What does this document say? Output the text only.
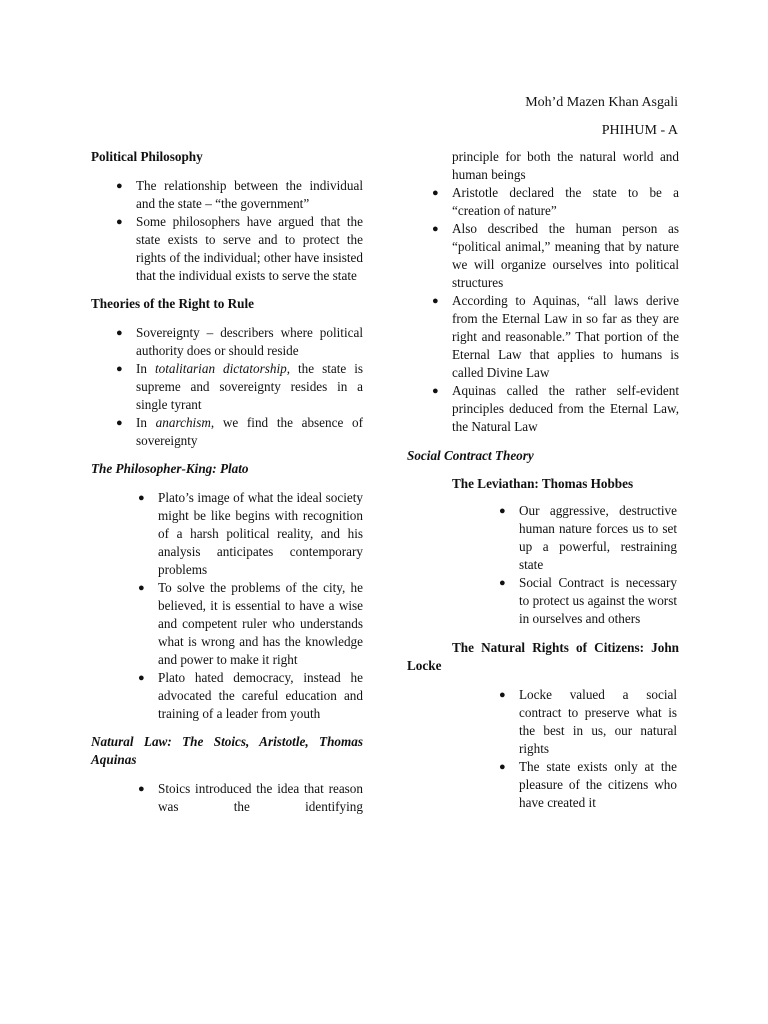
Moh’d Mazen Khan Asgali
PHIHUM - A
Political Philosophy
● The relationship between the individual and the state – “the government”
● Some philosophers have argued that the state exists to serve and to protect the rights of the individual; other have insisted that the individual exists to serve the state
Theories of the Right to Rule
● Sovereignty – describers where political authority does or should reside
● In totalitarian dictatorship, the state is supreme and sovereignty resides in a single tyrant
● In anarchism, we find the absence of sovereignty
The Philosopher-King: Plato
● Plato’s image of what the ideal society might be like begins with recognition of a harsh political reality, and his analysis anticipates contemporary problems
● To solve the problems of the city, he believed, it is essential to have a wise and competent ruler who understands what is wrong and has the knowledge and power to make it right
● Plato hated democracy, instead he advocated the careful education and training of a leader from youth
Natural Law: The Stoics, Aristotle, Thomas Aquinas
● Stoics introduced the idea that reason was the identifying
principle for both the natural world and human beings
● Aristotle declared the state to be a “creation of nature”
● Also described the human person as “political animal,” meaning that by nature we will organize ourselves into political structures
● According to Aquinas, “all laws derive from the Eternal Law in so far as they are right and reasonable.” That portion of the Eternal Law that applies to humans is called Divine Law
● Aquinas called the rather self-evident principles deduced from the Eternal Law, the Natural Law
Social Contract Theory
The Leviathan: Thomas Hobbes
● Our aggressive, destructive human nature forces us to set up a powerful, restraining state
● Social Contract is necessary to protect us against the worst in ourselves and others
The Natural Rights of Citizens: John Locke
● Locke valued a social contract to preserve what is the best in us, our natural rights
● The state exists only at the pleasure of the citizens who have created it
